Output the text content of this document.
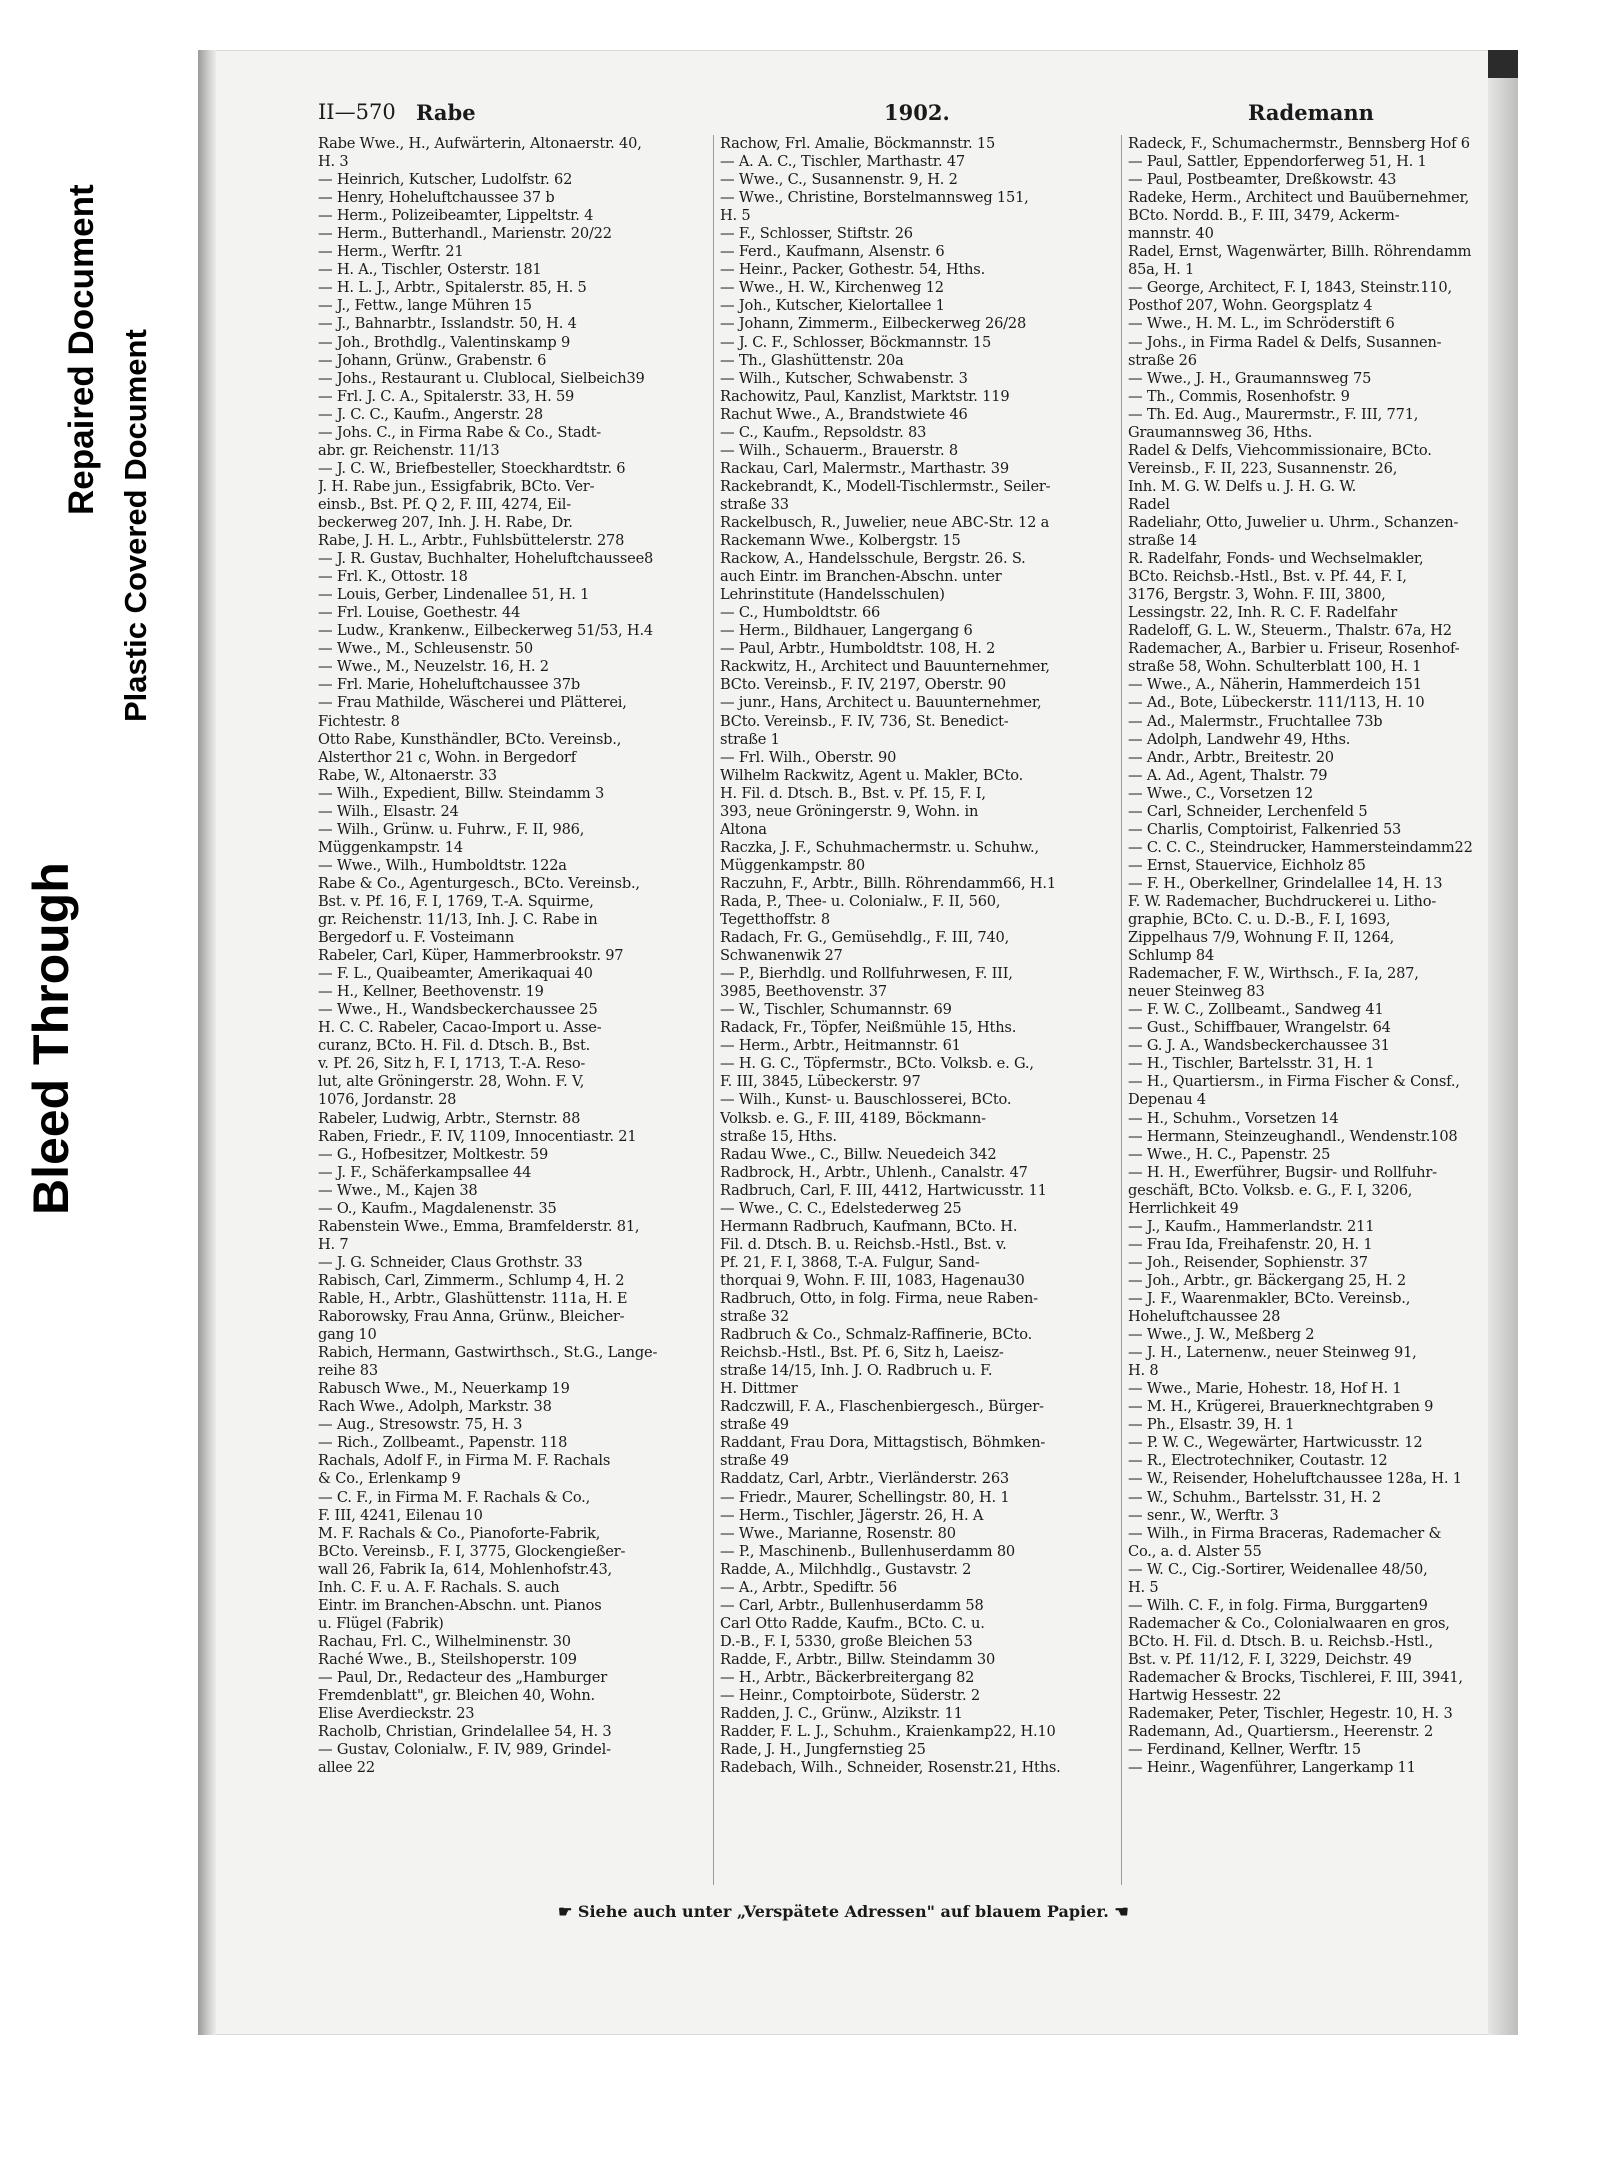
Bleed Through
Plastic Covered Document
Repaired Document
II—570 Rabe	1902.	Rademann
Rabe Wwe., H., Aufwärterin, Altonaerstr. 40,
H. 3
— Heinrich, Kutscher, Ludolfstr. 62
— Henry, Hoheluftchaussee 37 b
— Herm., Polizeibeamter, Lippeltstr. 4
— Herm., Butterhandl., Marienstr. 20/22
— Herm., Werftr. 21
— H. A., Tischler, Osterstr. 181
— H. L. J., Arbtr., Spitalerstr. 85, H. 5
— J., Fettw., lange Mühren 15
— J., Bahnarbtr., Isslandstr. 50, H. 4
— Joh., Brothdlg., Valentinskamp 9
— Johann, Grünw., Grabenstr. 6
— Johs., Restaurant u. Clublocal, Sielbeich39
— Frl. J. C. A., Spitalerstr. 33, H. 59
— J. C. C., Kaufm., Angerstr. 28
— Johs. C., in Firma Rabe & Co., Stadt-
abr. gr. Reichenstr. 11/13
— J. C. W., Briefbesteller, Stoeckhardtstr. 6
J. H. Rabe jun., Essigfabrik, BCto. Ver-
einsb., Bst. Pf. Q 2, F. III, 4274, Eil-
beckerweg 207, Inh. J. H. Rabe, Dr.
Rabe, J. H. L., Arbtr., Fuhlsbüttelerstr. 278
— J. R. Gustav, Buchhalter, Hoheluftchaussee8
— Frl. K., Ottostr. 18
— Louis, Gerber, Lindenallee 51, H. 1
— Frl. Louise, Goethestr. 44
— Ludw., Krankenw., Eilbeckerweg 51/53, H.4
— Wwe., M., Schleusenstr. 50
— Wwe., M., Neuzelstr. 16, H. 2
— Frl. Marie, Hoheluftchaussee 37b
— Frau Mathilde, Wäscherei und Plätterei,
Fichtestr. 8
Otto Rabe, Kunsthändler, BCto. Vereinsb.,
Alsterthor 21 c, Wohn. in Bergedorf
Rabe, W., Altonaerstr. 33
— Wilh., Expedient, Billw. Steindamm 3
— Wilh., Elsastr. 24
— Wilh., Grünw. u. Fuhrw., F. II, 986,
Müggenkampstr. 14
— Wwe., Wilh., Humboldtstr. 122a
Rabe & Co., Agenturgesch., BCto. Vereinsb.,
Bst. v. Pf. 16, F. I, 1769, T.-A. Squirme,
gr. Reichenstr. 11/13, Inh. J. C. Rabe in
Bergedorf u. F. Vosteimann
Rabeler, Carl, Küper, Hammerbrookstr. 97
— F. L., Quaibeamter, Amerikaquai 40
— H., Kellner, Beethovenstr. 19
— Wwe., H., Wandsbeckerchaussee 25
H. C. C. Rabeler, Cacao-Import u. Asse-
curanz, BCto. H. Fil. d. Dtsch. B., Bst.
v. Pf. 26, Sitz h, F. I, 1713, T.-A. Reso-
lut, alte Gröningerstr. 28, Wohn. F. V,
1076, Jordanstr. 28
Rabeler, Ludwig, Arbtr., Sternstr. 88
Raben, Friedr., F. IV, 1109, Innocentiastr. 21
— G., Hofbesitzer, Moltkestr. 59
— J. F., Schäferkampsallee 44
— Wwe., M., Kajen 38
— O., Kaufm., Magdalenenstr. 35
Rabenstein Wwe., Emma, Bramfelderstr. 81,
H. 7
— J. G. Schneider, Claus Grothstr. 33
Rabisch, Carl, Zimmerm., Schlump 4, H. 2
Rable, H., Arbtr., Glashüttenstr. 111a, H. E
Raborowsky, Frau Anna, Grünw., Bleicher-
gang 10
Rabich, Hermann, Gastwirthsch., St.G., Lange-
reihe 83
Rabusch Wwe., M., Neuerkamp 19
Rach Wwe., Adolph, Markstr. 38
— Aug., Stresowstr. 75, H. 3
— Rich., Zollbeamt., Papenstr. 118
Rachals, Adolf F., in Firma M. F. Rachals
& Co., Erlenkamp 9
— C. F., in Firma M. F. Rachals & Co.,
F. III, 4241, Eilenau 10
M. F. Rachals & Co., Pianoforte-Fabrik,
BCto. Vereinsb., F. I, 3775, Glockengießer-
wall 26, Fabrik Ia, 614, Mohlenhofstr.43,
Inh. C. F. u. A. F. Rachals. S. auch
Eintr. im Branchen-Abschn. unt. Pianos
u. Flügel (Fabrik)
Rachau, Frl. C., Wilhelminenstr. 30
Raché Wwe., B., Steilshoperstr. 109
— Paul, Dr., Redacteur des „Hamburger
Fremdenblatt", gr. Bleichen 40, Wohn.
Elise Averdieckstr. 23
Racholb, Christian, Grindelallee 54, H. 3
— Gustav, Colonialw., F. IV, 989, Grindel-
allee 22
Rachow, Frl. Amalie, Böckmannstr. 15
— A. A. C., Tischler, Marthastr. 47
— Wwe., C., Susannenstr. 9, H. 2
— Wwe., Christine, Borstelmannsweg 151,
H. 5
— F., Schlosser, Stiftstr. 26
— Ferd., Kaufmann, Alsenstr. 6
— Heinr., Packer, Gothestr. 54, Hths.
— Wwe., H. W., Kirchenweg 12
— Joh., Kutscher, Kielortallee 1
— Johann, Zimmerm., Eilbeckerweg 26/28
— J. C. F., Schlosser, Böckmannstr. 15
— Th., Glashüttenstr. 20a
— Wilh., Kutscher, Schwabenstr. 3
Rachowitz, Paul, Kanzlist, Marktstr. 119
Rachut Wwe., A., Brandstwiete 46
— C., Kaufm., Repsoldstr. 83
— Wilh., Schauerm., Brauerstr. 8
Rackau, Carl, Malermstr., Marthastr. 39
Rackebrandt, K., Modell-Tischlermstr., Seiler-
straße 33
Rackelbusch, R., Juwelier, neue ABC-Str. 12 a
Rackemann Wwe., Kolbergstr. 15
Rackow, A., Handelsschule, Bergstr. 26. S.
auch Eintr. im Branchen-Abschn. unter
Lehrinstitute (Handelsschulen)
— C., Humboldtstr. 66
— Herm., Bildhauer, Langergang 6
— Paul, Arbtr., Humboldtstr. 108, H. 2
Rackwitz, H., Architect und Bauunternehmer,
BCto. Vereinsb., F. IV, 2197, Oberstr. 90
— junr., Hans, Architect u. Bauunternehmer,
BCto. Vereinsb., F. IV, 736, St. Benedict-
straße 1
— Frl. Wilh., Oberstr. 90
Wilhelm Rackwitz, Agent u. Makler, BCto.
H. Fil. d. Dtsch. B., Bst. v. Pf. 15, F. I,
393, neue Gröningerstr. 9, Wohn. in
Altona
Raczka, J. F., Schuhmachermstr. u. Schuhw.,
Müggenkampstr. 80
Raczuhn, F., Arbtr., Billh. Röhrendamm66, H.1
Rada, P., Thee- u. Colonialw., F. II, 560,
Tegetthoffstr. 8
Radach, Fr. G., Gemüsehdlg., F. III, 740,
Schwanenwik 27
— P., Bierhdlg. und Rollfuhrwesen, F. III,
3985, Beethovenstr. 37
— W., Tischler, Schumannstr. 69
Radack, Fr., Töpfer, Neißmühle 15, Hths.
— Herm., Arbtr., Heitmannstr. 61
— H. G. C., Töpfermstr., BCto. Volksb. e. G.,
F. III, 3845, Lübeckerstr. 97
— Wilh., Kunst- u. Bauschlosserei, BCto.
Volksb. e. G., F. III, 4189, Böckmann-
straße 15, Hths.
Radau Wwe., C., Billw. Neuedeich 342
Radbrock, H., Arbtr., Uhlenh., Canalstr. 47
Radbruch, Carl, F. III, 4412, Hartwicusstr. 11
— Wwe., C. C., Edelstederweg 25
Hermann Radbruch, Kaufmann, BCto. H.
Fil. d. Dtsch. B. u. Reichsb.-Hstl., Bst. v.
Pf. 21, F. I, 3868, T.-A. Fulgur, Sand-
thorquai 9, Wohn. F. III, 1083, Hagenau30
Radbruch, Otto, in folg. Firma, neue Raben-
straße 32
Radbruch & Co., Schmalz-Raffinerie, BCto.
Reichsb.-Hstl., Bst. Pf. 6, Sitz h, Laeisz-
straße 14/15, Inh. J. O. Radbruch u. F.
H. Dittmer
Radczwill, F. A., Flaschenbiergesch., Bürger-
straße 49
Raddant, Frau Dora, Mittagstisch, Böhmken-
straße 49
Raddatz, Carl, Arbtr., Vierländerstr. 263
— Friedr., Maurer, Schellingstr. 80, H. 1
— Herm., Tischler, Jägerstr. 26, H. A
— Wwe., Marianne, Rosenstr. 80
— P., Maschinenb., Bullenhuserdamm 80
Radde, A., Milchhdlg., Gustavstr. 2
— A., Arbtr., Spediftr. 56
— Carl, Arbtr., Bullenhuserdamm 58
Carl Otto Radde, Kaufm., BCto. C. u.
D.-B., F. I, 5330, große Bleichen 53
Radde, F., Arbtr., Billw. Steindamm 30
— H., Arbtr., Bäckerbreitergang 82
— Heinr., Comptoirbote, Süderstr. 2
Radden, J. C., Grünw., Alzikstr. 11
Radder, F. L. J., Schuhm., Kraienkamp22, H.10
Rade, J. H., Jungfernstieg 25
Radebach, Wilh., Schneider, Rosenstr.21, Hths.
Radeck, F., Schumachermstr., Bennsberg Hof 6
— Paul, Sattler, Eppendorferweg 51, H. 1
— Paul, Postbeamter, Dreßkowstr. 43
Radeke, Herm., Architect und Bauübernehmer,
BCto. Nordd. B., F. III, 3479, Ackerm-
mannstr. 40
Radel, Ernst, Wagenwärter, Billh. Röhrendamm
85a, H. 1
— George, Architect, F. I, 1843, Steinstr.110,
Posthof 207, Wohn. Georgsplatz 4
— Wwe., H. M. L., im Schröderstift 6
— Johs., in Firma Radel & Delfs, Susannen-
straße 26
— Wwe., J. H., Graumannsweg 75
— Th., Commis, Rosenhofstr. 9
— Th. Ed. Aug., Maurermstr., F. III, 771,
Graumannsweg 36, Hths.
Radel & Delfs, Viehcommissionaire, BCto.
Vereinsb., F. II, 223, Susannenstr. 26,
Inh. M. G. W. Delfs u. J. H. G. W.
Radel
Radeliahr, Otto, Juwelier u. Uhrm., Schanzen-
straße 14
R. Radelfahr, Fonds- und Wechselmakler,
BCto. Reichsb.-Hstl., Bst. v. Pf. 44, F. I,
3176, Bergstr. 3, Wohn. F. III, 3800,
Lessingstr. 22, Inh. R. C. F. Radelfahr
Radeloff, G. L. W., Steuerm., Thalstr. 67a, H2
Rademacher, A., Barbier u. Friseur, Rosenhof-
straße 58, Wohn. Schulterblatt 100, H. 1
— Wwe., A., Näherin, Hammerdeich 151
— Ad., Bote, Lübeckerstr. 111/113, H. 10
— Ad., Malermstr., Fruchtallee 73b
— Adolph, Landwehr 49, Hths.
— Andr., Arbtr., Breitestr. 20
— A. Ad., Agent, Thalstr. 79
— Wwe., C., Vorsetzen 12
— Carl, Schneider, Lerchenfeld 5
— Charlis, Comptoirist, Falkenried 53
— C. C. C., Steindrucker, Hammersteindamm22
— Ernst, Stauervice, Eichholz 85
— F. H., Oberkellner, Grindelallee 14, H. 13
F. W. Rademacher, Buchdruckerei u. Litho-
graphie, BCto. C. u. D.-B., F. I, 1693,
Zippelhaus 7/9, Wohnung F. II, 1264,
Schlump 84
Rademacher, F. W., Wirthsch., F. Ia, 287,
neuer Steinweg 83
— F. W. C., Zollbeamt., Sandweg 41
— Gust., Schiffbauer, Wrangelstr. 64
— G. J. A., Wandsbeckerchaussee 31
— H., Tischler, Bartelsstr. 31, H. 1
— H., Quartiersm., in Firma Fischer & Consf.,
Depenau 4
— H., Schuhm., Vorsetzen 14
— Hermann, Steinzeughandl., Wendenstr.108
— Wwe., H. C., Papenstr. 25
— H. H., Ewerführer, Bugsir- und Rollfuhr-
geschäft, BCto. Volksb. e. G., F. I, 3206,
Herrlichkeit 49
— J., Kaufm., Hammerlandstr. 211
— Frau Ida, Freihafenstr. 20, H. 1
— Joh., Reisender, Sophienstr. 37
— Joh., Arbtr., gr. Bäckergang 25, H. 2
— J. F., Waarenmakler, BCto. Vereinsb.,
Hoheluftchaussee 28
— Wwe., J. W., Meßberg 2
— J. H., Laternenw., neuer Steinweg 91,
H. 8
— Wwe., Marie, Hohestr. 18, Hof H. 1
— M. H., Krügerei, Brauerknechtgraben 9
— Ph., Elsastr. 39, H. 1
— P. W. C., Wegewärter, Hartwicusstr. 12
— R., Electrotechniker, Coutastr. 12
— W., Reisender, Hoheluftchaussee 128a, H. 1
— W., Schuhm., Bartelsstr. 31, H. 2
— senr., W., Werftr. 3
— Wilh., in Firma Braceras, Rademacher &
Co., a. d. Alster 55
— W. C., Cig.-Sortirer, Weidenallee 48/50,
H. 5
— Wilh. C. F., in folg. Firma, Burggarten9
Rademacher & Co., Colonialwaaren en gros,
BCto. H. Fil. d. Dtsch. B. u. Reichsb.-Hstl.,
Bst. v. Pf. 11/12, F. I, 3229, Deichstr. 49
Rademacher & Brocks, Tischlerei, F. III, 3941,
Hartwig Hessestr. 22
Rademaker, Peter, Tischler, Hegestr. 10, H. 3
Rademann, Ad., Quartiersm., Heerenstr. 2
— Ferdinand, Kellner, Werftr. 15
— Heinr., Wagenführer, Langerkamp 11
☛ Siehe auch unter „Verspätete Adressen" auf blauem Papier. ☚
